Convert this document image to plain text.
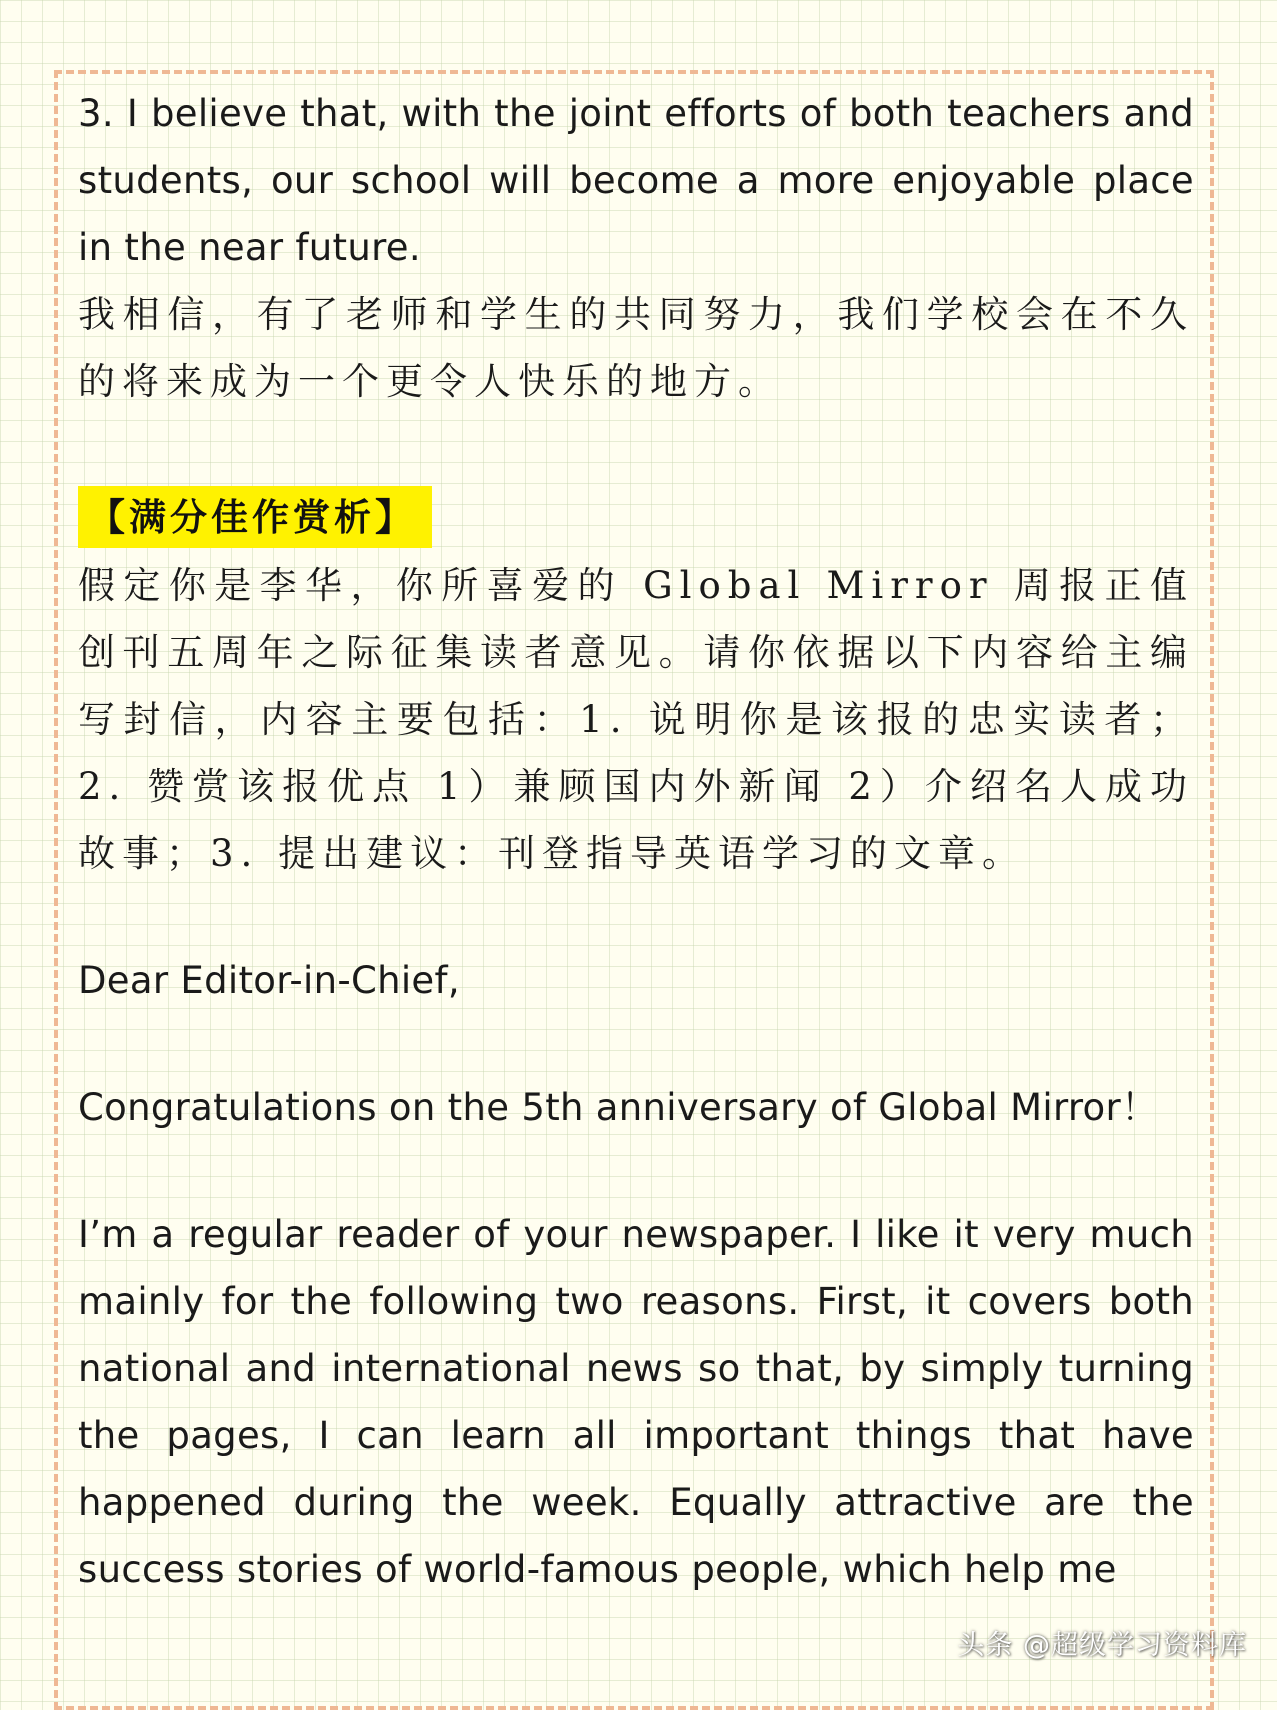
3. I believe that, with the joint efforts of both teachers and students, our school will become a more enjoyable place in the near future.

我相信，有了老师和学生的共同努力，我们学校会在不久的将来成为一个更令人快乐的地方。

【满分佳作赏析】

假定你是李华，你所喜爱的 Global Mirror 周报正值创刊五周年之际征集读者意见。请你依据以下内容给主编写封信，内容主要包括：1. 说明你是该报的忠实读者；2. 赞赏该报优点 1）兼顾国内外新闻 2）介绍名人成功故事；3. 提出建议：刊登指导英语学习的文章。

Dear Editor-in-Chief,

Congratulations on the 5th anniversary of Global Mirror！

I’m a regular reader of your newspaper. I like it very much mainly for the following two reasons. First, it covers both national and international news so that, by simply turning the pages, I can learn all important things that have happened during the week. Equally attractive are the success stories of world-famous people, which help me

头条 @超级学习资料库
